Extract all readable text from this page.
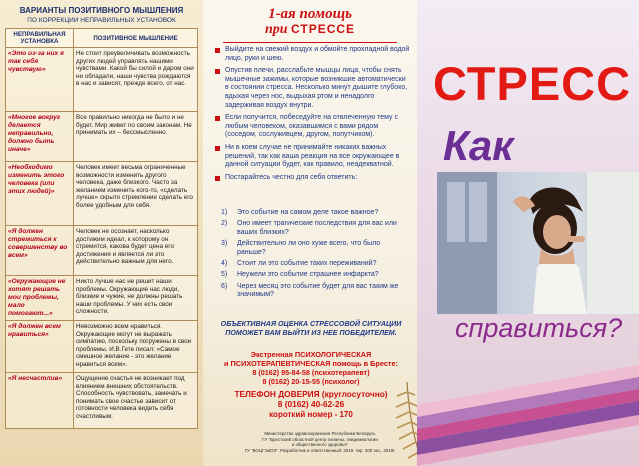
ВАРИАНТЫ ПОЗИТИВНОГО МЫШЛЕНИЯ
ПО КОРРЕКЦИИ НЕПРАВИЛЬНЫХ УСТАНОВОК
НЕПРАВИЛЬНАЯ УСТАНОВКА	ПОЗИТИВНОЕ МЫШЛЕНИЕ
«Это из-за них я так себя чувствую»	Не стоит преувеличивать возможность других людей управлять нашими чувствами. Какой бы силой и даром они ни обладали, наши чувства рождаются в нас и зависят, прежде всего, от нас.
«Многое вокруг делается неправильно, должно быть иначе»	Все правильно никогда не было и не будет. Мир живет по своим законам. Не принимать их – бессмысленно.
«Необходимо изменить этого человека (или этих людей)»	Человек имеет весьма ограниченные возможности изменить другого человека, даже близкого. Часто за желанием изменить кого-то, «сделать лучше» скрыто стремление сделать его более удобным для себя.
«Я должен стремиться к совершенству во всем»	Человек не осознает, насколько достижим идеал, к которому он стремится, какова будет цена его достижения и является ли это действительно важным для него.
«Окружающие не хотят решать мои проблемы, мало помогают...»	Никто лучше нас не решит наши проблемы. Окружающие нас люди, близкие и чужие, не должны решать наши проблемы. У них есть свои сложности.
«Я должен всем нравиться»	Невозможно всем нравиться. Окружающие могут не выражать симпатию, поскольку погружены в свои проблемы. И.В.Гете писал: «Самое смешное желание - это желание нравиться всем».
«Я несчастлив»	Ощущение счастья не возникает под влиянием внешних обстоятельств. Способность чувствовать, замечать и понимать свое счастье зависит от готовности человека видеть себя счастливым.
1-ая помощь
при СТРЕССЕ
Выйдите на свежий воздух и обмойте прохладной водой лицо, руки и шею.
Опустив плечи, расслабьте мышцы лица, чтобы снять мышечные зажимы, которые возникшие автоматически в состоянии стресса. Несколько минут дышите глубоко, вдыхая через нос, выдыхая ртом и ненадолго задерживая воздух внутри.
Если получится, побеседуйте на отвлеченную тему с любым человеком, оказавшимся с вами рядом (соседом, сослуживцем, другом, попутчиком).
Ни в коем случае не принимайте никаких важных решений, так как ваша реакция на все окружающее в данной ситуации будет, как правило, неадекватной.
Постарайтесь честно для себя ответить:
1)	Это событие на самом деле такое важное?
2)	Оно имеет трагические последствия для вас или ваших близких?
3)	Действительно ли оно хуже всего, что было раньше?
4)	Стоит ли это событие таких переживаний?
5)	Неужели это событие страшнее инфаркта?
6)	Через месяц это событие будет для вас таким же значимым?
ОБЪЕКТИВНАЯ ОЦЕНКА СТРЕССОВОЙ СИТУАЦИИ ПОМОЖЕТ ВАМ ВЫЙТИ ИЗ НЕЕ ПОБЕДИТЕЛЕМ.
Экстренная ПСИХОЛОГИЧЕСКАЯ
и ПСИХОТЕРАПЕВТИЧЕСКАЯ помощь в Бресте:
8 (0162) 95-84-58 (психотерапевт)
8 (0162) 20-15-55 (психолог)
ТЕЛЕФОН ДОВЕРИЯ (круглосуточно)
8 (0162) 40-62-26
короткий номер - 170
Министерство здравоохранения Республики Беларусь
ГУ "Брестский областной центр гигиены, эпидемиологии
и общественного здоровья"
ГУ "БОЦГЭиОЗ". Разработчик и ответственный: 2019. тир. 300 экз., 2019г.
СТРЕСС
Как
справиться?
